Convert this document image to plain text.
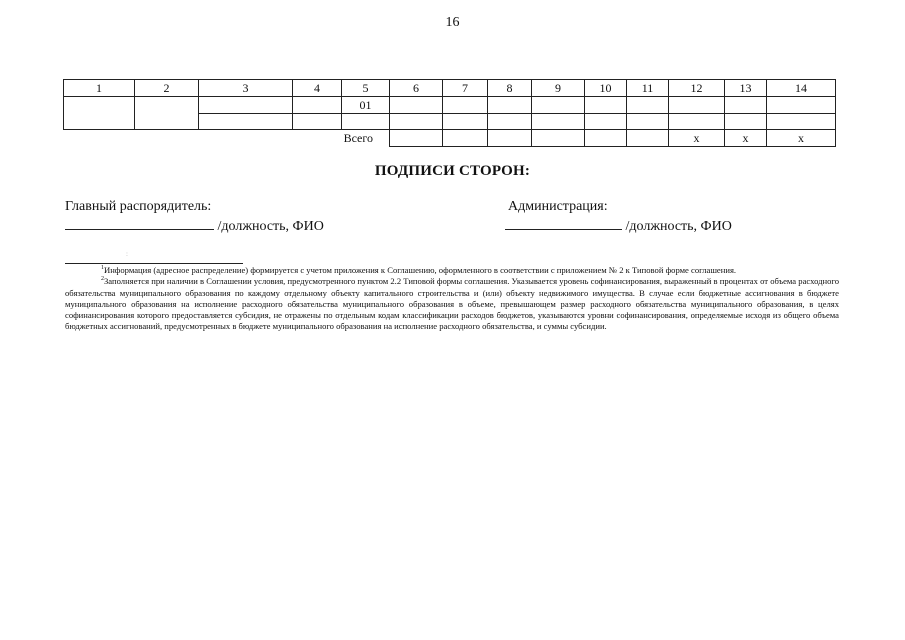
16
1	2	3	4	5	6	7	8	9	10	11	12	13	14
				01									

Всего											x	x	x
ПОДПИСИ СТОРОН:
Главный распорядитель:
/должность, ФИО
Администрация:
/должность, ФИО
:

$^1$Информация (адресное распределение) формируется с учетом приложения к Соглашению, оформленного в соответствии с приложением № 2 к Типовой форме соглашения.

$^2$Заполняется при наличии в Соглашении условия, предусмотренного пунктом 2.2 Типовой формы соглашения. Указывается уровень софинансирования, выраженный в процентах от объема расходного обязательства муниципального образования по каждому отдельному объекту капитального строительства и (или) объекту недвижимого имущества. В случае если бюджетные ассигнования в бюджете муниципального образования на исполнение расходного обязательства муниципального образования в объеме, превышающем размер расходного обязательства муниципального образования, в целях софинансирования которого предоставляется субсидия, не отражены по отдельным кодам классификации расходов бюджетов, указываются уровни софинансирования, определяемые исходя из общего объема бюджетных ассигнований, предусмотренных в бюджете муниципального образования на исполнение расходного обязательства, и суммы субсидии.
